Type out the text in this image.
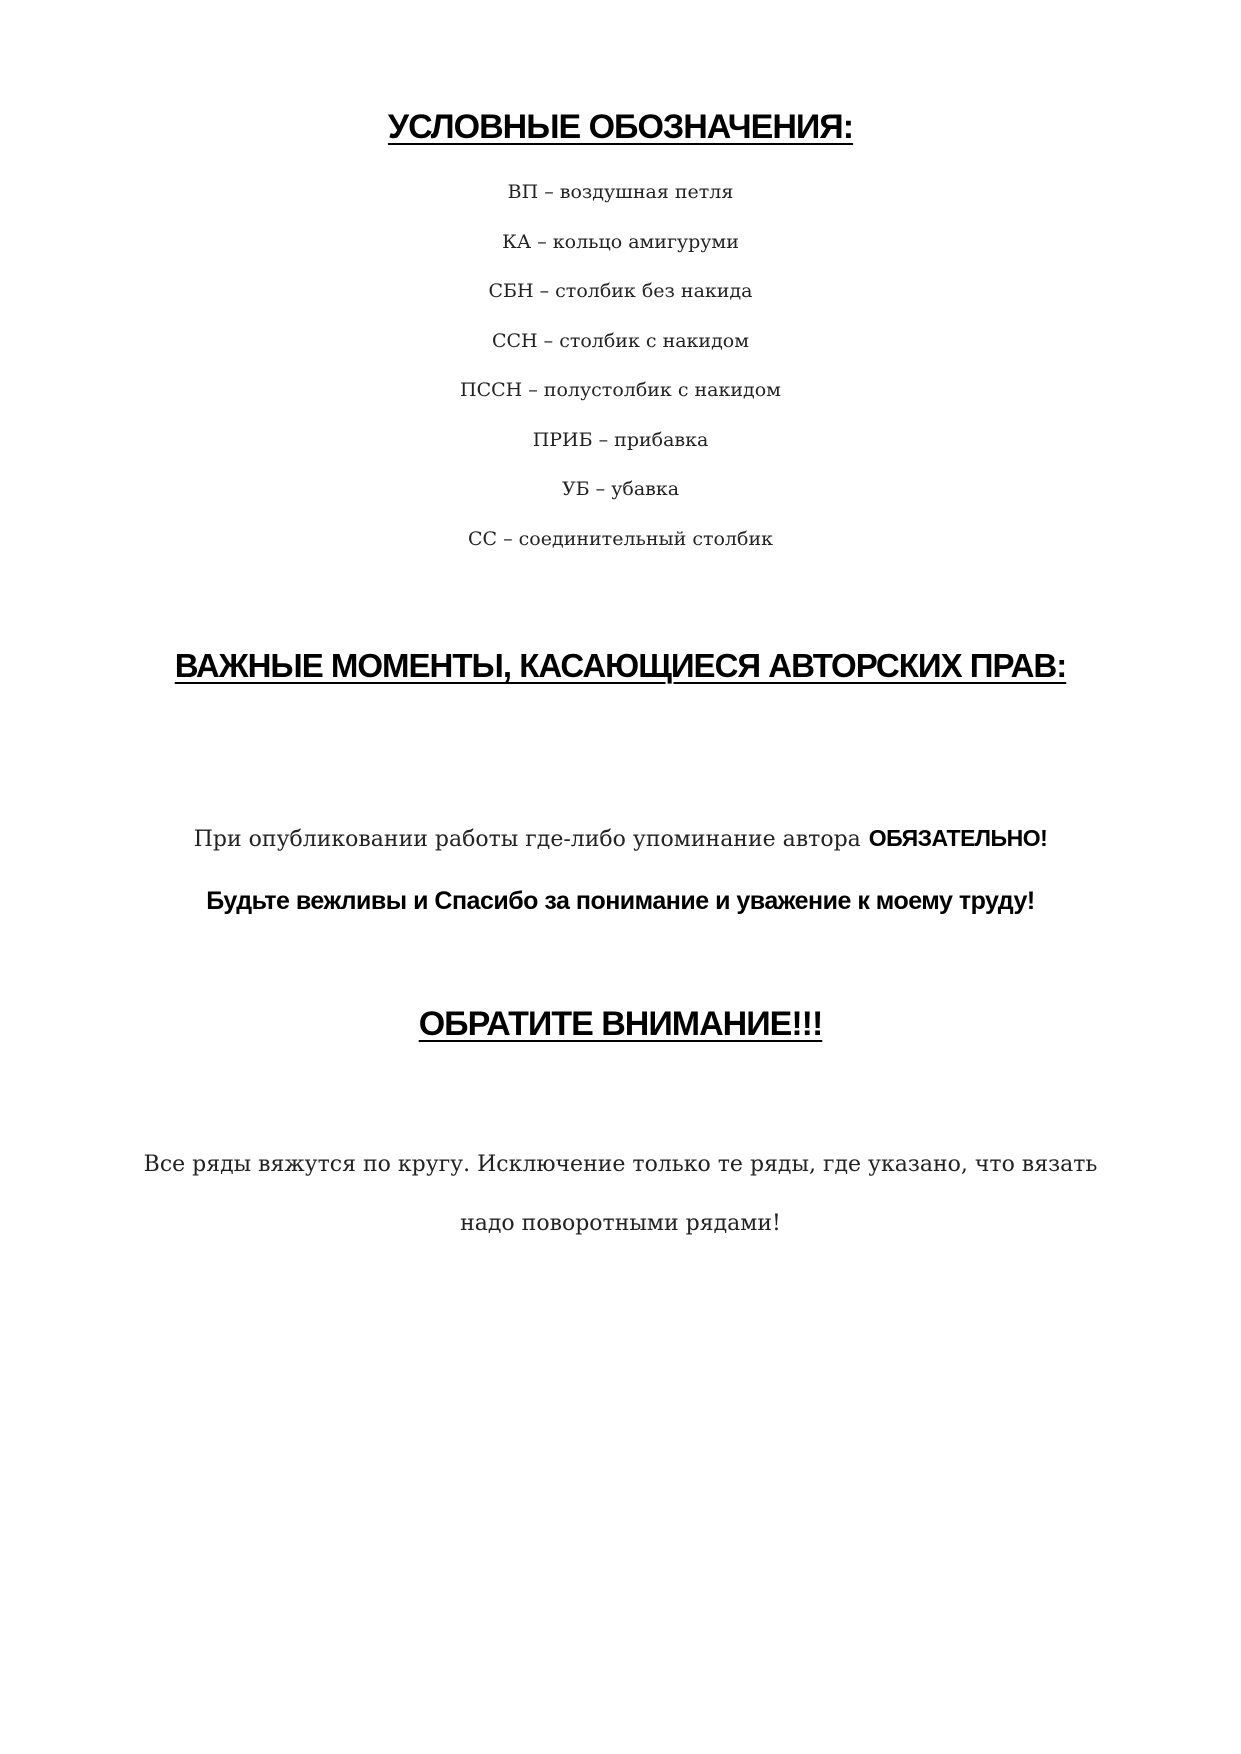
УСЛОВНЫЕ ОБОЗНАЧЕНИЯ:
ВП – воздушная петля
КА – кольцо амигуруми
СБН – столбик без накида
ССН – столбик с накидом
ПССН – полустолбик с накидом
ПРИБ – прибавка
УБ – убавка
СС – соединительный столбик
ВАЖНЫЕ МОМЕНТЫ, КАСАЮЩИЕСЯ АВТОРСКИХ ПРАВ:
При опубликовании работы где-либо упоминание автора ОБЯЗАТЕЛЬНО!
Будьте вежливы и Спасибо за понимание и уважение к моему труду!
ОБРАТИТЕ ВНИМАНИЕ!!!
Все ряды вяжутся по кругу. Исключение только те ряды, где указано, что вязать надо поворотными рядами!
